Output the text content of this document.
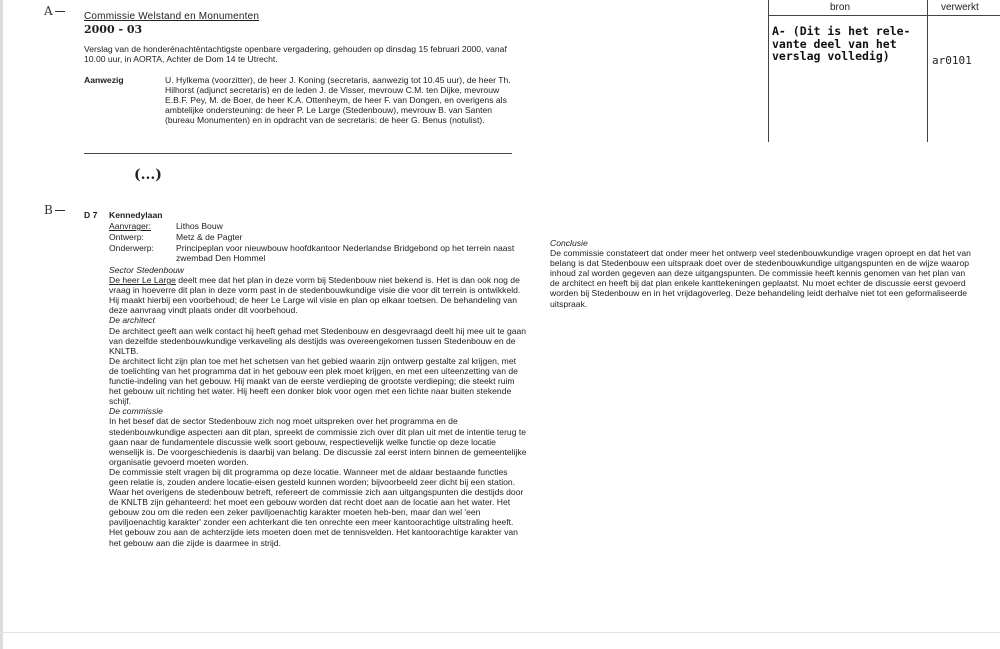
A	Commissie Welstand en Monumenten
2000 - 03
Verslag van de honderénachtëntachtigste openbare vergadering, gehouden op dinsdag 15 februari 2000, vanaf 10.00 uur, in AORTA, Achter de Dom 14 te Utrecht.
Aanwezig	U. Hylkema (voorzitter), de heer J. Koning (secretaris, aanwezig tot 10.45 uur), de heer Th. Hilhorst (adjunct secretaris) en de leden J. de Visser, mevrouw C.M. ten Dijke, mevrouw E.B.F. Pey, M. de Boer, de heer K.A. Ottenheym, de heer F. van Dongen, en overigens als ambtelijke ondersteuning: de heer P. Le Large (Stedenbouw), mevrouw B. van Santen (bureau Monumenten) en in opdracht van de secretaris: de heer G. Benus (notulist).
(...)
bron	verwerkt
A- (Dit is het rele-
vante deel van het
verslag volledig)	ar0101
B	D 7 Kennedylaan
Aanvrager:	Lithos Bouw
Ontwerp:	Metz & de Pagter
Onderwerp:	Principeplan voor nieuwbouw hoofdkantoor Nederlandse Bridgebond op het terrein naast zwembad Den Hommel
Sector Stedenbouw
De heer Le Large deelt mee dat het plan in deze vorm bij Stedenbouw niet bekend is. Het is dan ook nog de vraag in hoeverre dit plan in deze vorm past in de stedenbouwkundige visie die voor dit terrein is ontwikkeld. Hij maakt hierbij een voorbehoud; de heer Le Large wil visie en plan op elkaar toetsen. De behandeling van deze aanvraag vindt plaats onder dit voorbehoud.
De architect
De architect geeft aan welk contact hij heeft gehad met Stedenbouw en desgevraagd deelt hij mee uit te gaan van dezelfde stedenbouwkundige verkaveling als destijds was overeengekomen tussen Stedenbouw en de KNLTB.
De architect licht zijn plan toe met het schetsen van het gebied waarin zijn ontwerp gestalte zal krijgen, met de toelichting van het programma dat in het gebouw een plek moet krijgen, en met een uiteenzetting van de functie-indeling van het gebouw. Hij maakt van de eerste verdieping de grootste verdieping; die steekt ruim het gebouw uit richting het water. Hij heeft een donker blok voor ogen met een lichte naar buiten stekende schijf.
De commissie
In het besef dat de sector Stedenbouw zich nog moet uitspreken over het programma en de stedenbouwkundige aspecten aan dit plan, spreekt de commissie zich over dit plan uit met de intentie terug te gaan naar de fundamentele discussie welk soort gebouw, respectievelijk welke functie op deze locatie wenselijk is. De voorgeschiedenis is daarbij van belang. De discussie zal eerst intern binnen de gemeentelijke organisatie gevoerd moeten worden.
De commissie stelt vragen bij dit programma op deze locatie. Wanneer met de aldaar bestaande functies geen relatie is, zouden andere locatie-eisen gesteld kunnen worden; bijvoorbeeld zeer dicht bij een station.
Waar het overigens de stedenbouw betreft, refereert de commissie zich aan uitgangspunten die destijds door de KNLTB zijn gehanteerd: het moet een gebouw worden dat recht doet aan de locatie aan het water. Het gebouw zou om die reden een zeker paviljoenachtig karakter moeten heb-ben, maar dan wel 'een paviljoenachtig karakter' zonder een achterkant die ten onrechte een meer kantoorachtige uitstraling heeft. Het gebouw zou aan de achterzijde iets moeten doen met de tennisvelden. Het kantoorachtige karakter van het gebouw aan die zijde is daarmee in strijd.
Conclusie
De commissie constateert dat onder meer het ontwerp veel stedenbouwkundige vragen oproept en dat het van belang is dat Stedenbouw een uitspraak doet over de stedenbouwkundige uitgangspunten en de wijze waarop inhoud zal worden gegeven aan deze uitgangspunten. De commissie heeft kennis genomen van het plan van de architect en heeft bij dat plan enkele kanttekeningen geplaatst. Nu moet echter de discussie eerst gevoerd worden bij Stedenbouw en in het vrijdagoverleg. Deze behandeling leidt derhalve niet tot een geformaliseerde uitspraak.
